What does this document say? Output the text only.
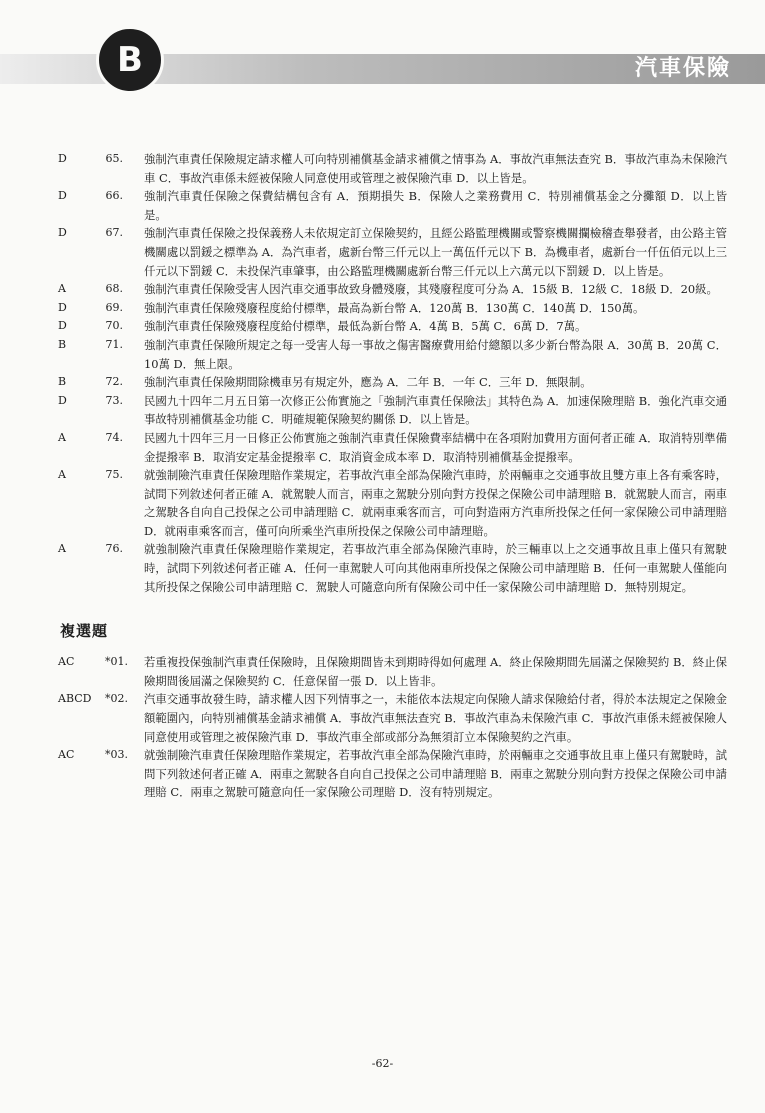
B	汽車保險
D	65. 強制汽車責任保險規定請求權人可向特別補償基金請求補償之情事為 A．事故汽車無法查究 B．事故汽車為未保險汽車 C．事故汽車係未經被保險人同意使用或管理之被保險汽車 D．以上皆是。
D	66. 強制汽車責任保險之保費結構包含有 A．預期損失 B．保險人之業務費用 C．特別補償基金之分攤額 D．以上皆是。
D	67. 強制汽車責任保險之投保義務人未依規定訂立保險契約，且經公路監理機關或警察機關攔檢稽查舉發者，由公路主管機關處以罰鍰之標準為 A．為汽車者，處新台幣三仟元以上一萬伍仟元以下 B．為機車者，處新台一仟伍佰元以上三仟元以下罰鍰 C．未投保汽車肇事，由公路監理機關處新台幣三仟元以上六萬元以下罰鍰 D．以上皆是。
A	68. 強制汽車責任保險受害人因汽車交通事故致身體殘廢，其殘廢程度可分為 A．15級 B．12級 C．18級 D．20級。
D	69. 強制汽車責任保險殘廢程度給付標準，最高為新台幣 A．120萬 B．130萬 C．140萬 D．150萬。
D	70. 強制汽車責任保險殘廢程度給付標準，最低為新台幣 A．4萬 B．5萬 C．6萬 D．7萬。
B	71. 強制汽車責任保險所規定之每一受害人每一事故之傷害醫療費用給付總額以多少新台幣為限 A．30萬 B．20萬 C．10萬 D．無上限。
B	72. 強制汽車責任保險期間除機車另有規定外，應為 A．二年 B．一年 C．三年 D．無限制。
D	73. 民國九十四年二月五日第一次修正公佈實施之「強制汽車責任保險法」其特色為 A．加速保險理賠 B．強化汽車交通事故特別補償基金功能 C．明確規範保險契約關係 D．以上皆是。
A	74. 民國九十四年三月一日修正公佈實施之強制汽車責任保險費率結構中在各項附加費用方面何者正確 A．取消特別準備金提撥率 B．取消安定基金提撥率 C．取消資金成本率 D．取消特別補償基金提撥率。
A	75. 就強制險汽車責任保險理賠作業規定，若事故汽車全部為保險汽車時，於兩輛車之交通事故且雙方車上各有乘客時，試問下列敘述何者正確 A．就駕駛人而言，兩車之駕駛分別向對方投保之保險公司申請理賠 B．就駕駛人而言，兩車之駕駛各自向自己投保之公司申請理賠 C．就兩車乘客而言，可向對造兩方汽車所投保之任何一家保險公司申請理賠 D．就兩車乘客而言，僅可向所乘坐汽車所投保之保險公司申請理賠。
A	76. 就強制險汽車責任保險理賠作業規定，若事故汽車全部為保險汽車時，於三輛車以上之交通事故且車上僅只有駕駛時，試問下列敘述何者正確 A．任何一車駕駛人可向其他兩車所投保之保險公司申請理賠 B．任何一車駕駛人僅能向其所投保之保險公司申請理賠 C．駕駛人可隨意向所有保險公司中任一家保險公司申請理賠 D．無特別規定。
複選題
AC	*01. 若重複投保強制汽車責任保險時，且保險期間皆未到期時得如何處理 A．終止保險期間先屆滿之保險契約 B．終止保險期間後屆滿之保險契約 C．任意保留一張 D．以上皆非。
ABCD *02. 汽車交通事故發生時，請求權人因下列情事之一，未能依本法規定向保險人請求保險給付者，得於本法規定之保險金額範圍內，向特別補償基金請求補償 A．事故汽車無法查究 B．事故汽車為未保險汽車 C．事故汽車係未經被保險人同意使用或管理之被保險汽車 D．事故汽車全部或部分為無須訂立本保險契約之汽車。
AC	*03. 就強制險汽車責任保險理賠作業規定，若事故汽車全部為保險汽車時，於兩輛車之交通事故且車上僅只有駕駛時，試問下列敘述何者正確 A．兩車之駕駛各自向自己投保之公司申請理賠 B．兩車之駕駛分別向對方投保之保險公司申請理賠 C．兩車之駕駛可隨意向任一家保險公司理賠 D．沒有特別規定。
-62-
